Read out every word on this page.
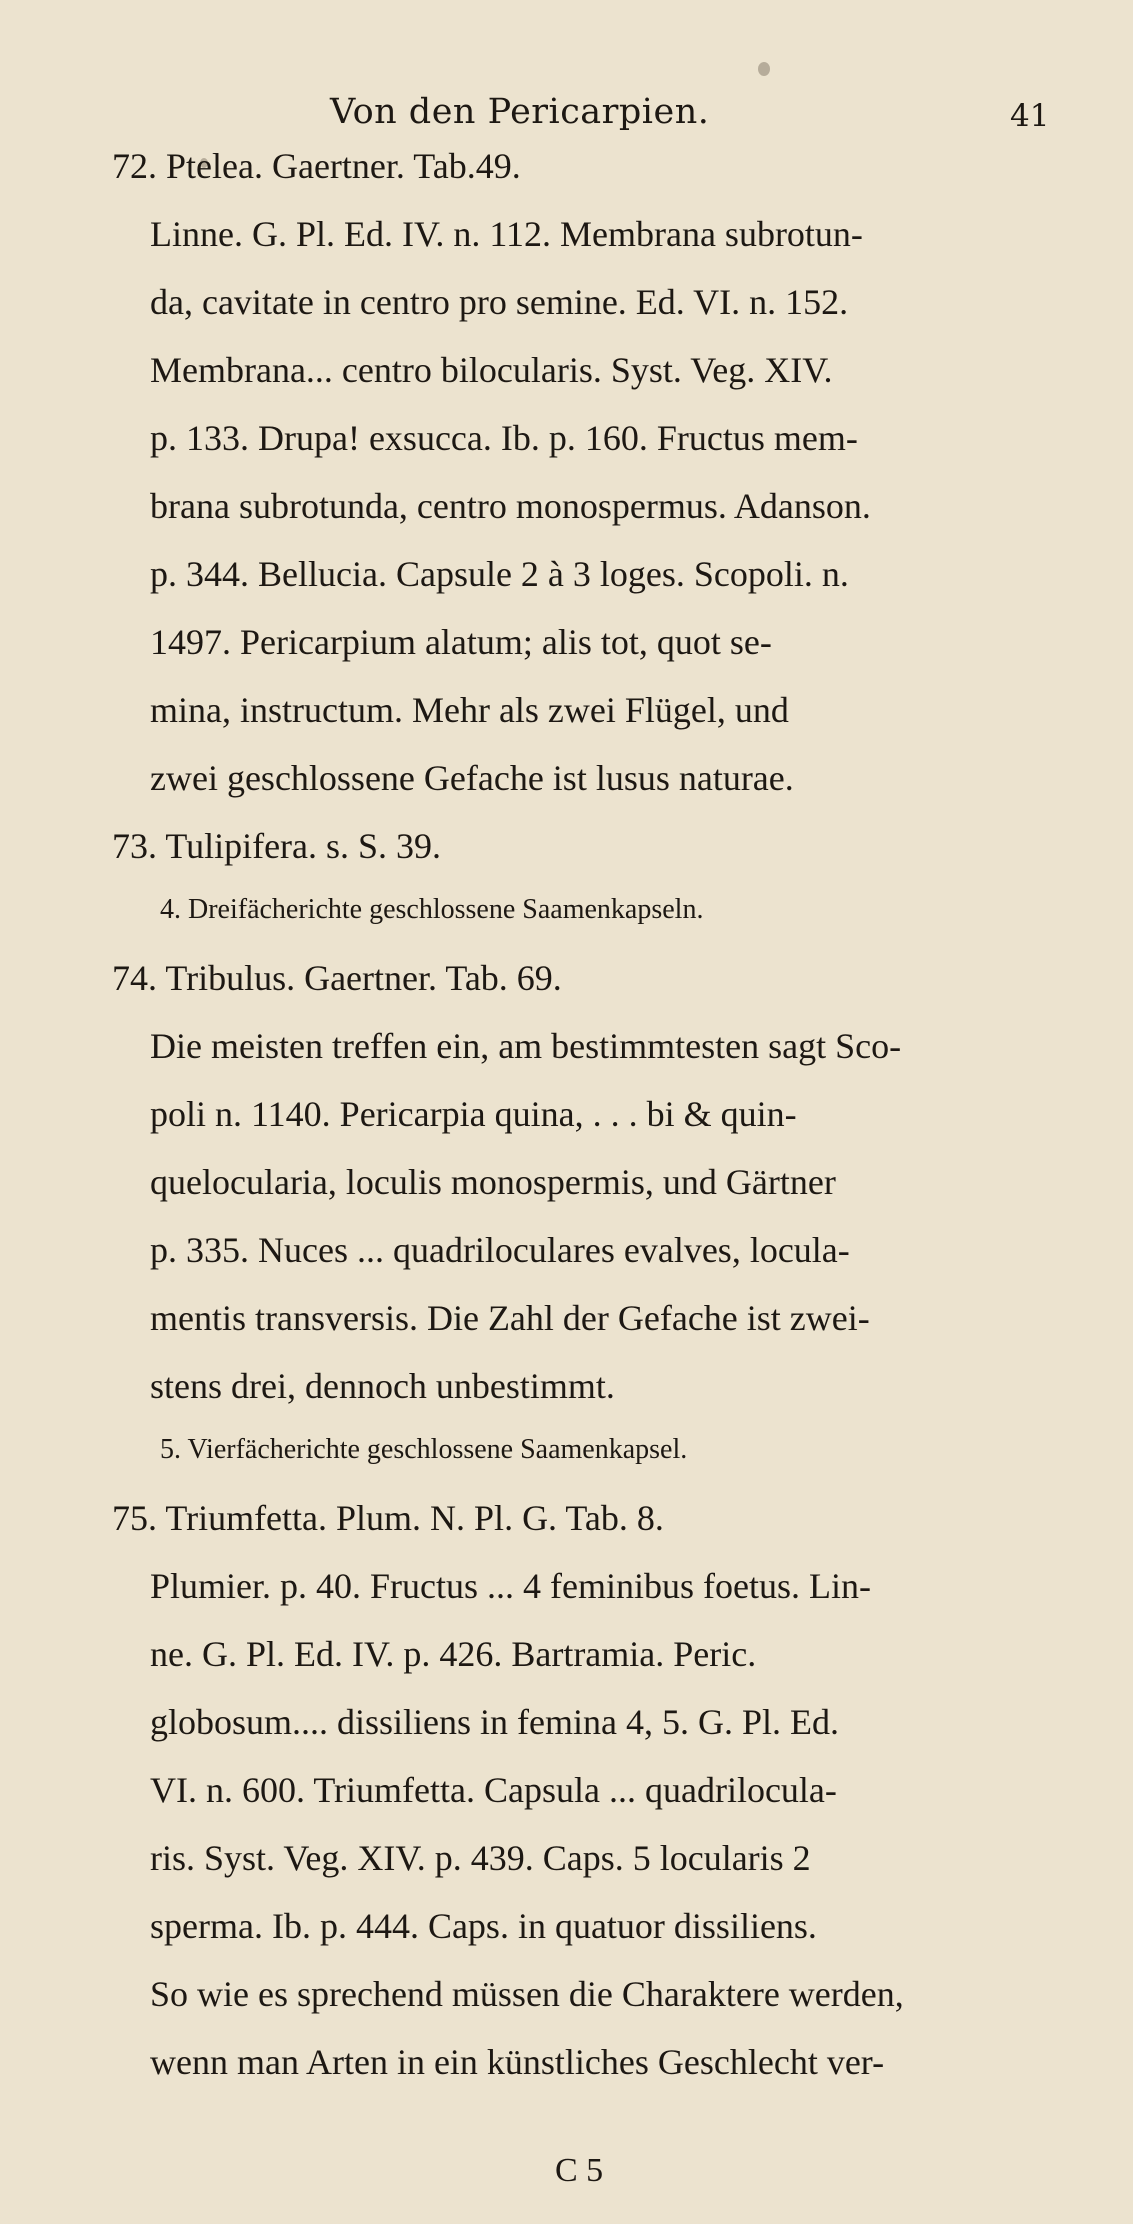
Von den Pericarpien.	41
72. Ptelea. Gaertner. Tab.49.
Linne. G. Pl. Ed. IV. n. 112. Membrana subrotun-
da, cavitate in centro pro semine. Ed. VI. n. 152.
Membrana... centro bilocularis. Syst. Veg. XIV.
p. 133. Drupa! exsucca. Ib. p. 160. Fructus mem-
brana subrotunda, centro monospermus. Adanson.
p. 344. Bellucia. Capsule 2 à 3 loges. Scopoli. n.
1497. Pericarpium alatum; alis tot, quot se-
mina, instructum. Mehr als zwei Flügel, und
zwei geschlossene Gefache ist lusus naturae.
73. Tulipifera. s. S. 39.
4. Dreifächerichte geschlossene Saamenkapseln.
74. Tribulus. Gaertner. Tab. 69.
Die meisten treffen ein, am bestimmtesten sagt Sco-
poli n. 1140. Pericarpia quina, . . . bi & quin-
quelocularia, loculis monospermis, und Gärtner
p. 335. Nuces ... quadriloculares evalves, locula-
mentis transversis. Die Zahl der Gefache ist zwei-
stens drei, dennoch unbestimmt.
5. Vierfächerichte geschlossene Saamenkapsel.
75. Triumfetta. Plum. N. Pl. G. Tab. 8.
Plumier. p. 40. Fructus ... 4 feminibus foetus. Lin-
ne. G. Pl. Ed. IV. p. 426. Bartramia. Peric.
globosum.... dissiliens in femina 4, 5. G. Pl. Ed.
VI. n. 600. Triumfetta. Capsula ... quadrilocula-
ris. Syst. Veg. XIV. p. 439. Caps. 5 locularis 2
sperma. Ib. p. 444. Caps. in quatuor dissiliens.
So wie es sprechend müssen die Charaktere werden,
wenn man Arten in ein künstliches Geschlecht ver-
C 5
